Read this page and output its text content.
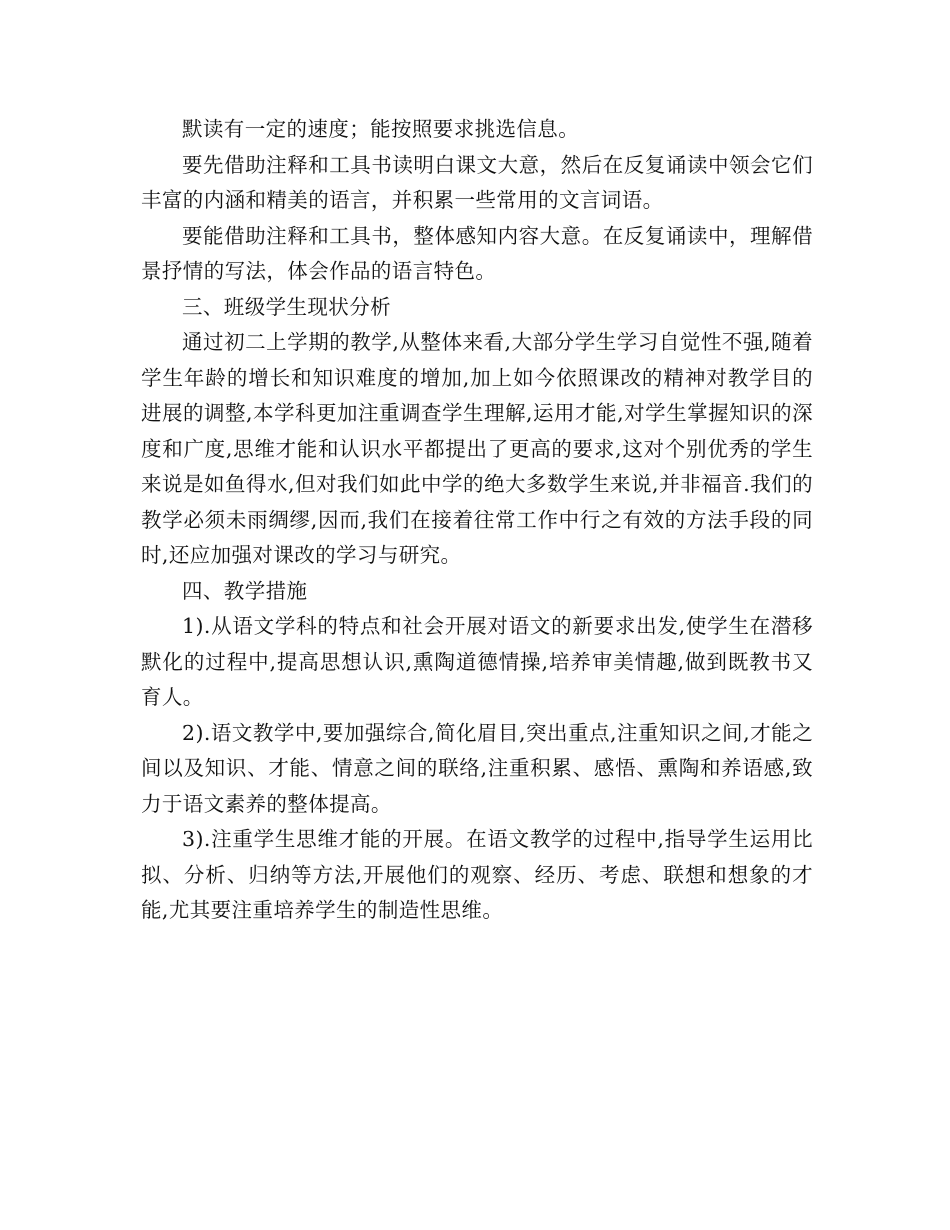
默读有一定的速度；能按照要求挑选信息。

要先借助注释和工具书读明白课文大意，然后在反复诵读中领会它们丰富的内涵和精美的语言，并积累一些常用的文言词语。

要能借助注释和工具书，整体感知内容大意。在反复诵读中，理解借景抒情的写法，体会作品的语言特色。

三、班级学生现状分析

通过初二上学期的教学,从整体来看,大部分学生学习自觉性不强,随着学生年龄的增长和知识难度的增加,加上如今依照课改的精神对教学目的进展的调整,本学科更加注重调查学生理解,运用才能,对学生掌握知识的深度和广度,思维才能和认识水平都提出了更高的要求,这对个别优秀的学生来说是如鱼得水,但对我们如此中学的绝大多数学生来说,并非福音.我们的教学必须未雨绸缪,因而,我们在接着往常工作中行之有效的方法手段的同时,还应加强对课改的学习与研究。

四、教学措施

1).从语文学科的特点和社会开展对语文的新要求出发,使学生在潜移默化的过程中,提高思想认识,熏陶道德情操,培养审美情趣,做到既教书又育人。

2).语文教学中,要加强综合,简化眉目,突出重点,注重知识之间,才能之间以及知识、才能、情意之间的联络,注重积累、感悟、熏陶和养语感,致力于语文素养的整体提高。

3).注重学生思维才能的开展。在语文教学的过程中,指导学生运用比拟、分析、归纳等方法,开展他们的观察、经历、考虑、联想和想象的才能,尤其要注重培养学生的制造性思维。
